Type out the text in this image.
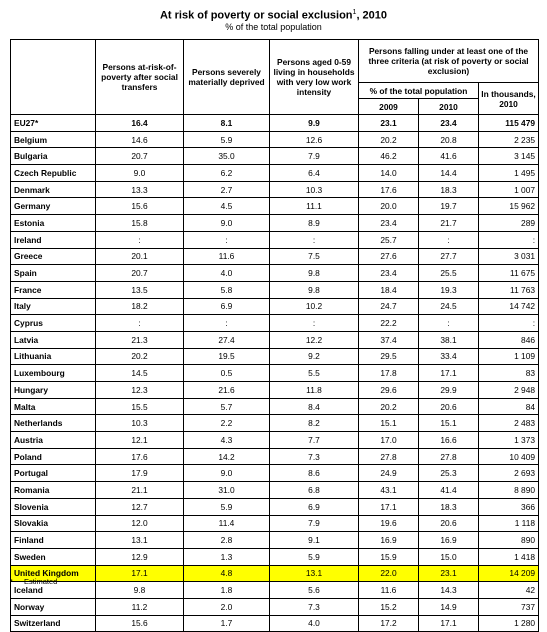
At risk of poverty or social exclusion$^1$, 2010
% of the total population
	Persons at-risk-of-poverty after social transfers	Persons severely materially deprived	Persons aged 0-59 living in households with very low work intensity	Persons falling under at least one of the three criteria (at risk of poverty or social exclusion)		
				% of the total population		In thousands, 2010
				2009	2010	
EU27*	16.4	8.1	9.9	23.1	23.4	115 479
Belgium	14.6	5.9	12.6	20.2	20.8	2 235
Bulgaria	20.7	35.0	7.9	46.2	41.6	3 145
Czech Republic	9.0	6.2	6.4	14.0	14.4	1 495
Denmark	13.3	2.7	10.3	17.6	18.3	1 007
Germany	15.6	4.5	11.1	20.0	19.7	15 962
Estonia	15.8	9.0	8.9	23.4	21.7	289
Ireland	:	:	:	25.7	:	:
Greece	20.1	11.6	7.5	27.6	27.7	3 031
Spain	20.7	4.0	9.8	23.4	25.5	11 675
France	13.5	5.8	9.8	18.4	19.3	11 763
Italy	18.2	6.9	10.2	24.7	24.5	14 742
Cyprus	:	:	:	22.2	:	:
Latvia	21.3	27.4	12.2	37.4	38.1	846
Lithuania	20.2	19.5	9.2	29.5	33.4	1 109
Luxembourg	14.5	0.5	5.5	17.8	17.1	83
Hungary	12.3	21.6	11.8	29.6	29.9	2 948
Malta	15.5	5.7	8.4	20.2	20.6	84
Netherlands	10.3	2.2	8.2	15.1	15.1	2 483
Austria	12.1	4.3	7.7	17.0	16.6	1 373
Poland	17.6	14.2	7.3	27.8	27.8	10 409
Portugal	17.9	9.0	8.6	24.9	25.3	2 693
Romania	21.1	31.0	6.8	43.1	41.4	8 890
Slovenia	12.7	5.9	6.9	17.1	18.3	366
Slovakia	12.0	11.4	7.9	19.6	20.6	1 118
Finland	13.1	2.8	9.1	16.9	16.9	890
Sweden	12.9	1.3	5.9	15.9	15.0	1 418
United Kingdom	17.1	4.8	13.1	22.0	23.1	14 209
Iceland	9.8	1.8	5.6	11.6	14.3	42
Norway	11.2	2.0	7.3	15.2	14.9	737
Switzerland	15.6	1.7	4.0	17.2	17.1	1 280
* Estimated
